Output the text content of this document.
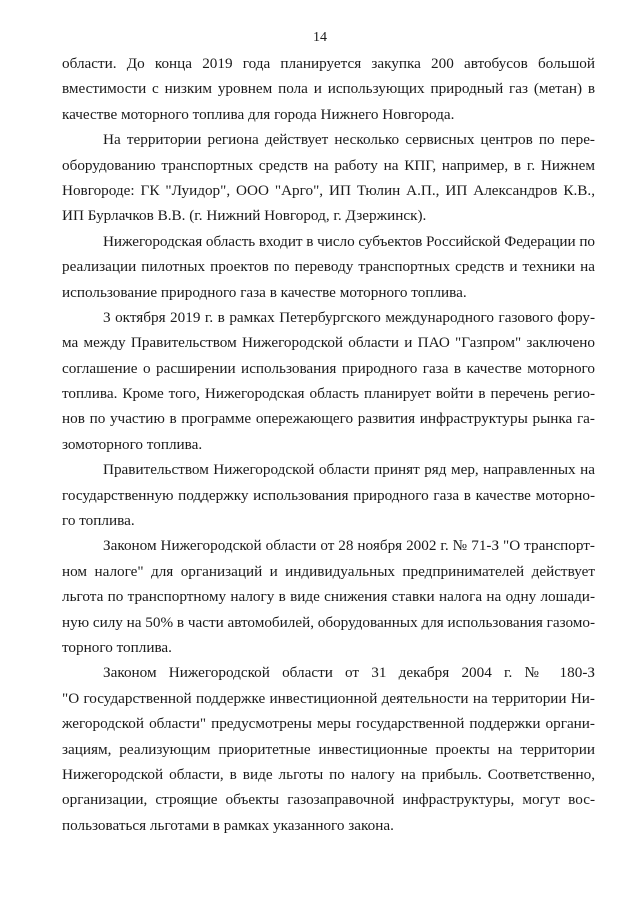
14
области. До конца 2019 года планируется закупка 200 автобусов большой
вместимости с низким уровнем пола и использующих природный газ (метан) в
качестве моторного топлива для города Нижнего Новгорода.
На территории региона действует несколько сервисных центров по пере-
оборудованию транспортных средств на работу на КПГ, например, в г. Нижнем
Новгороде: ГК "Луидор", ООО "Арго", ИП Тюлин А.П., ИП Александров К.В.,
ИП Бурлачков В.В. (г. Нижний Новгород, г. Дзержинск).
Нижегородская область входит в число субъектов Российской Федерации по
реализации пилотных проектов по переводу транспортных средств и техники на
использование природного газа в качестве моторного топлива.
3 октября 2019 г. в рамках Петербургского международного газового фору-
ма между Правительством Нижегородской области и ПАО "Газпром" заключено
соглашение о расширении использования природного газа в качестве моторного
топлива. Кроме того, Нижегородская область планирует войти в перечень регио-
нов по участию в программе опережающего развития инфраструктуры рынка га-
зомоторного топлива.
Правительством Нижегородской области принят ряд мер, направленных на
государственную поддержку использования природного газа в качестве моторно-
го топлива.
Законом Нижегородской области от 28 ноября 2002 г. № 71-З "О транспорт-
ном налоге" для организаций и индивидуальных предпринимателей действует
льгота по транспортному налогу в виде снижения ставки налога на одну лошади-
ную силу на 50% в части автомобилей, оборудованных для использования газомо-
торного топлива.
Законом Нижегородской области от 31 декабря 2004 г. № 180-З
"О государственной поддержке инвестиционной деятельности на территории Ни-
жегородской области" предусмотрены меры государственной поддержки органи-
зациям, реализующим приоритетные инвестиционные проекты на территории
Нижегородской области, в виде льготы по налогу на прибыль. Соответственно,
организации, строящие объекты газозаправочной инфраструктуры, могут вос-
пользоваться льготами в рамках указанного закона.
